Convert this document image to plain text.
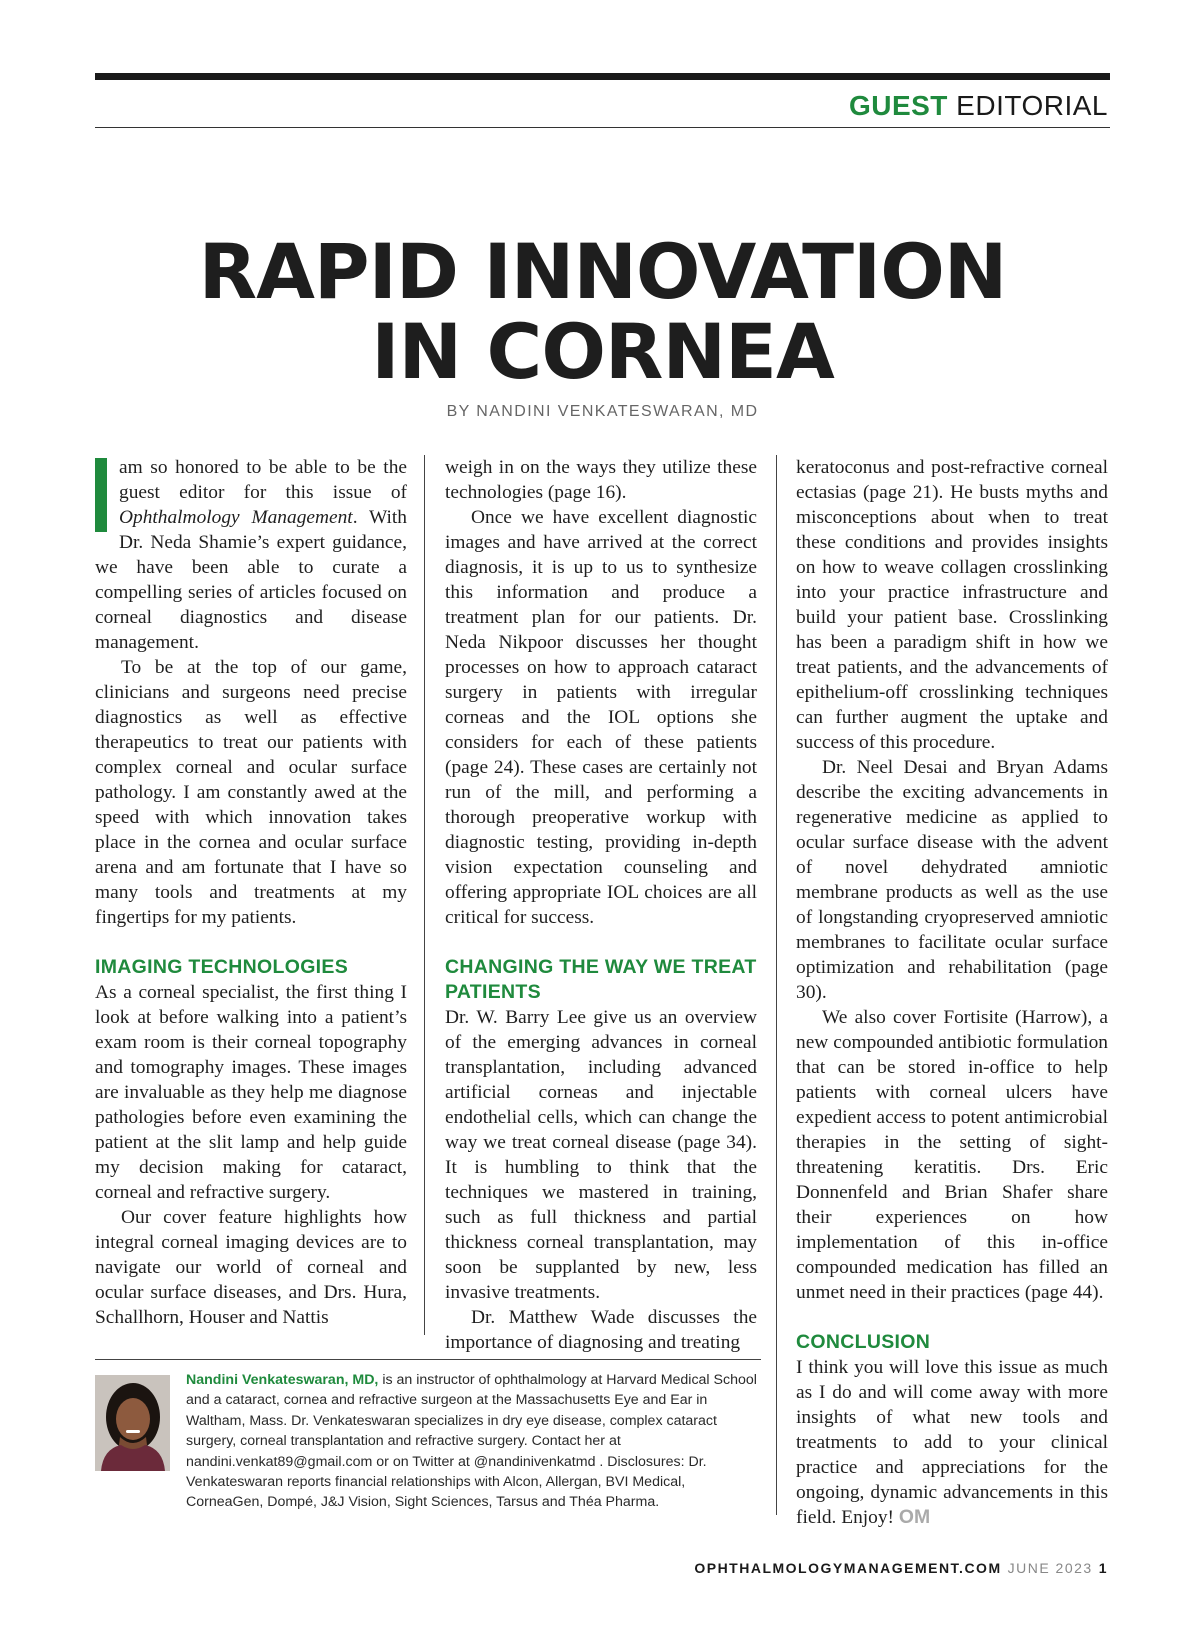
GUEST EDITORIAL
RAPID INNOVATION
IN CORNEA
BY NANDINI VENKATESWARAN, MD

am so honored to be able to be the guest editor for this issue of Ophthalmology Management. With Dr. Neda Shamie’s expert guidance, we have been able to curate a compelling series of articles focused on corneal diagnostics and disease management.

To be at the top of our game, clinicians and surgeons need precise diagnostics as well as effective therapeutics to treat our patients with complex corneal and ocular surface pathology. I am constantly awed at the speed with which innovation takes place in the cornea and ocular surface arena and am fortunate that I have so many tools and treatments at my fingertips for my patients.

IMAGING TECHNOLOGIES

As a corneal specialist, the first thing I look at before walking into a patient’s exam room is their corneal topography and tomography images. These images are invaluable as they help me diagnose pathologies before even examining the patient at the slit lamp and help guide my decision making for cataract, corneal and refractive surgery.

Our cover feature highlights how integral corneal imaging devices are to navigate our world of corneal and ocular surface diseases, and Drs. Hura, Schallhorn, Houser and Nattis

weigh in on the ways they utilize these technologies (page 16).

Once we have excellent diagnostic images and have arrived at the correct diagnosis, it is up to us to synthesize this information and produce a treatment plan for our patients. Dr. Neda Nikpoor discusses her thought processes on how to approach cataract surgery in patients with irregular corneas and the IOL options she considers for each of these patients (page 24). These cases are certainly not run of the mill, and performing a thorough preoperative workup with diagnostic testing, providing in-depth vision expectation counseling and offering appropriate IOL choices are all critical for success.

CHANGING THE WAY WE TREAT PATIENTS

Dr. W. Barry Lee give us an overview of the emerging advances in corneal transplantation, including advanced artificial corneas and injectable endothelial cells, which can change the way we treat corneal disease (page 34). It is humbling to think that the techniques we mastered in training, such as full thickness and partial thickness corneal transplantation, may soon be supplanted by new, less invasive treatments.

Dr. Matthew Wade discusses the importance of diagnosing and treating

keratoconus and post-refractive corneal ectasias (page 21). He busts myths and misconceptions about when to treat these conditions and provides insights on how to weave collagen crosslinking into your practice infrastructure and build your patient base. Crosslinking has been a paradigm shift in how we treat patients, and the advancements of epithelium-off crosslinking techniques can further augment the uptake and success of this procedure.

Dr. Neel Desai and Bryan Adams describe the exciting advancements in regenerative medicine as applied to ocular surface disease with the advent of novel dehydrated amniotic membrane products as well as the use of longstanding cryopreserved amniotic membranes to facilitate ocular surface optimization and rehabilitation (page 30).

We also cover Fortisite (Harrow), a new compounded antibiotic formulation that can be stored in-office to help patients with corneal ulcers have expedient access to potent antimicrobial therapies in the setting of sight-threatening keratitis. Drs. Eric Donnenfeld and Brian Shafer share their experiences on how implementation of this in-office compounded medication has filled an unmet need in their practices (page 44).

CONCLUSION

I think you will love this issue as much as I do and will come away with more insights of what new tools and treatments to add to your clinical practice and appreciations for the ongoing, dynamic advancements in this field. Enjoy! OM

Nandini Venkateswaran, MD, is an instructor of ophthalmology at Harvard Medical School and a cataract, cornea and refractive surgeon at the Massachusetts Eye and Ear in Waltham, Mass. Dr. Venkateswaran specializes in dry eye disease, complex cataract surgery, corneal transplantation and refractive surgery. Contact her at nandini.venkat89@gmail.com or on Twitter at @nandinivenkatmd . Disclosures: Dr. Venkateswaran reports financial relationships with Alcon, Allergan, BVI Medical, CorneaGen, Dompé, J&J Vision, Sight Sciences, Tarsus and Théa Pharma.
OPHTHALMOLOGYMANAGEMENT.COM JUNE 2023 1
